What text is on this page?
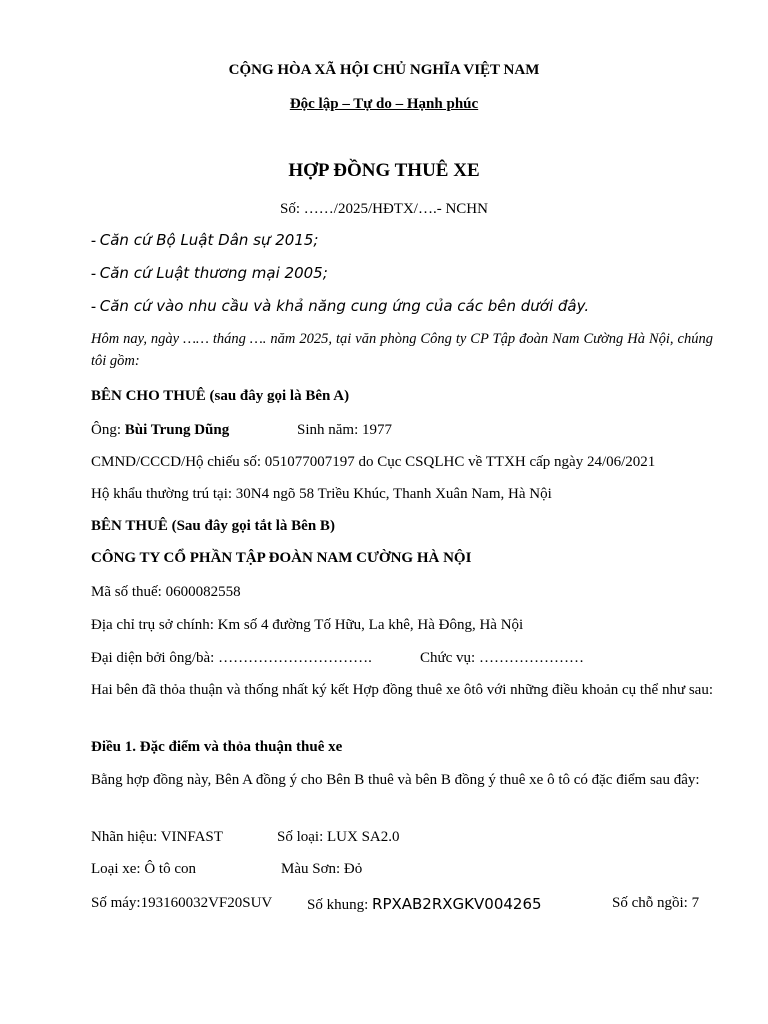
CỘNG HÒA XÃ HỘI CHỦ NGHĨA VIỆT NAM
Độc lập – Tự do – Hạnh phúc
HỢP ĐỒNG THUÊ XE
Số: ……/2025/HĐTX/….- NCHN
- Căn cứ Bộ Luật Dân sự 2015;
- Căn cứ Luật thương mại 2005;
- Căn cứ vào nhu cầu và khả năng cung ứng của các bên dưới đây.
Hôm nay, ngày …… tháng …. năm 2025, tại văn phòng Công ty CP Tập đoàn Nam Cường Hà Nội, chúng tôi gồm:
BÊN CHO THUÊ (sau đây gọi là Bên A)
Ông: Bùi Trung Dũng	Sinh năm: 1977
CMND/CCCD/Hộ chiếu số: 051077007197 do Cục CSQLHC về TTXH cấp ngày 24/06/2021
Hộ khẩu thường trú tại: 30N4 ngõ 58 Triều Khúc, Thanh Xuân Nam, Hà Nội
BÊN THUÊ (Sau đây gọi tắt là Bên B)
CÔNG TY CỔ PHẦN TẬP ĐOÀN NAM CƯỜNG HÀ NỘI
Mã số thuế: 0600082558
Địa chỉ trụ sở chính: Km số 4 đường Tố Hữu, La khê, Hà Đông, Hà Nội
Đại diện bởi ông/bà: ………………………….	Chức vụ: …………………
Hai bên đã thỏa thuận và thống nhất ký kết Hợp đồng thuê xe ôtô với những điều khoản cụ thể như sau:
Điều 1. Đặc điểm và thỏa thuận thuê xe
Bằng hợp đồng này, Bên A đồng ý cho Bên B thuê và bên B đồng ý thuê xe ô tô có đặc điểm sau đây:
Nhãn hiệu: VINFAST	Số loại: LUX SA2.0
Loại xe: Ô tô con	Màu Sơn: Đỏ
Số máy:193160032VF20SUV Số khung: RPXAB2RXGKV004265	Số chỗ ngồi: 7
